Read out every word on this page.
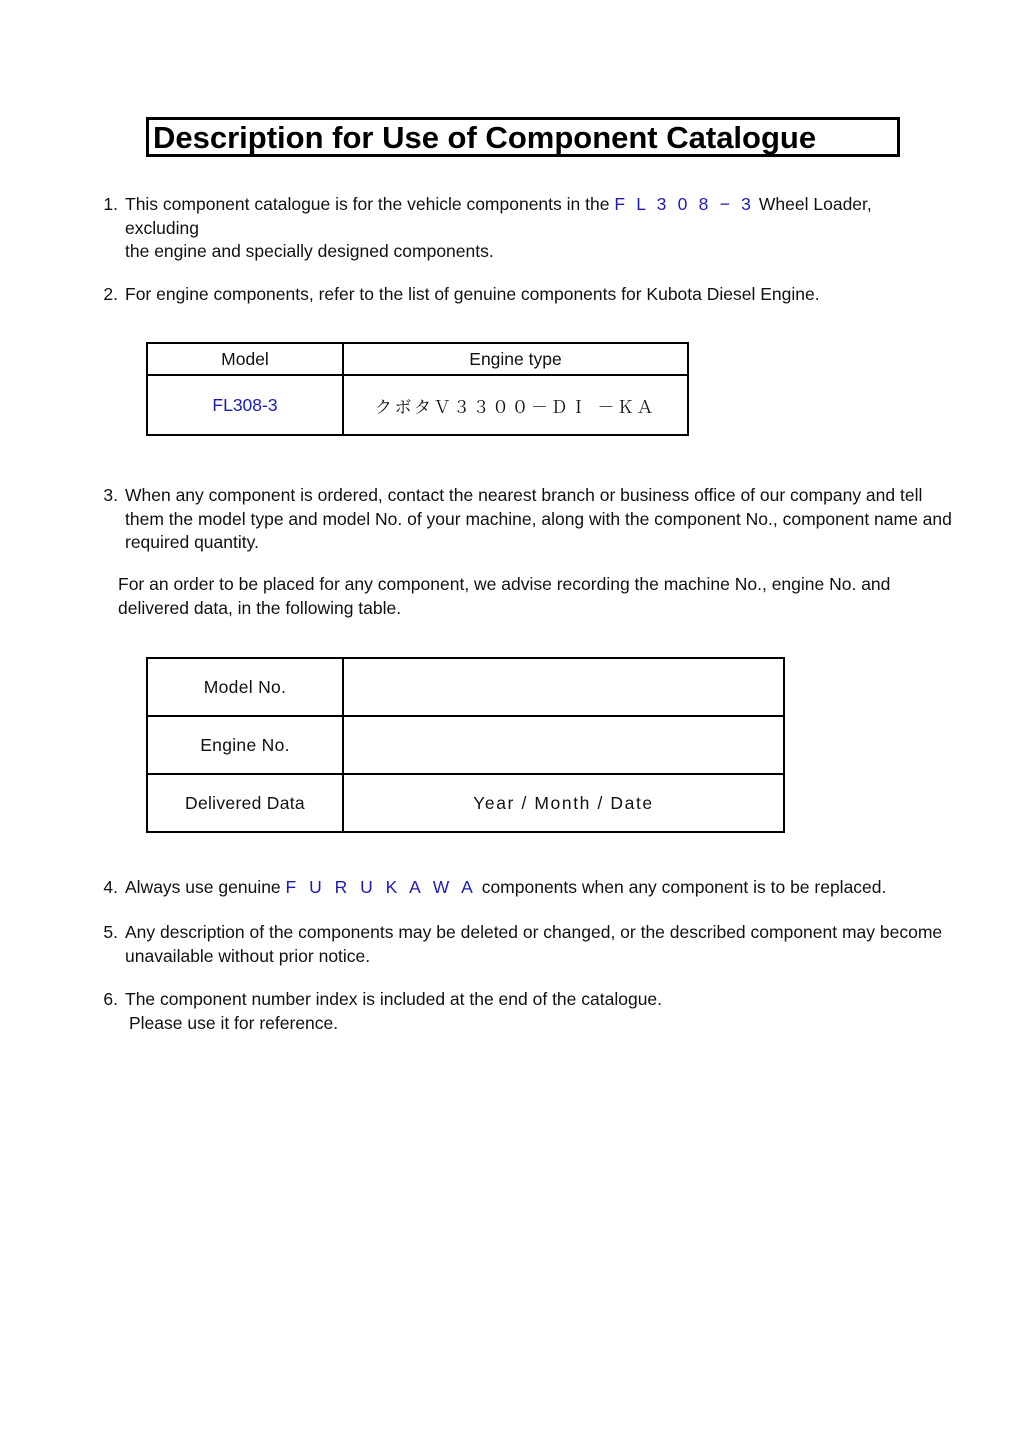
Description for Use of Component Catalogue
1. This component catalogue is for the vehicle components in the F L 3 0 8 − 3 Wheel Loader,
excluding
the engine and specially designed components.
2. For engine components, refer to the list of genuine components for Kubota Diesel Engine.
Model	Engine type
FL308-3	クボタＶ３３００－ＤＩ －ＫＡ
3. When any component is ordered, contact the nearest branch or business office of our company and tell them the model type and model No. of your machine, along with the component No., component name and required quantity.
For an order to be placed for any component, we advise recording the machine No., engine No. and delivered data, in the following table.
Model No.	
Engine No.	
Delivered Data	Year / Month / Date
4. Always use genuine F U R U K A W A components when any component is to be replaced.
5. Any description of the components may be deleted or changed, or the described component may become unavailable without prior notice.
6. The component number index is included at the end of the catalogue.
Please use it for reference.
